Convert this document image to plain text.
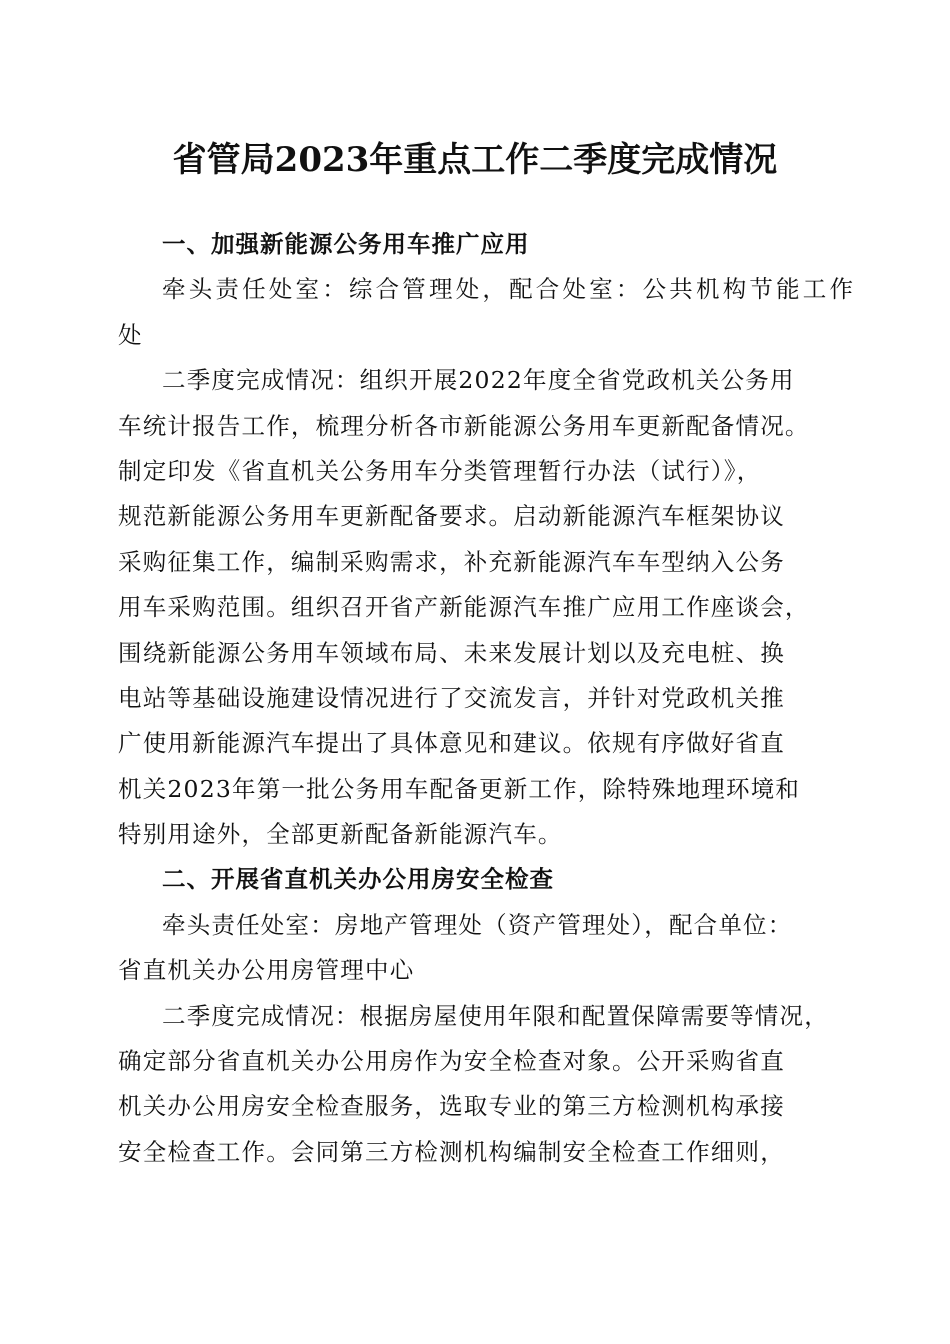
省管局2023年重点工作二季度完成情况
一、加强新能源公务用车推广应用
牵头责任处室：综合管理处，配合处室：公共机构节能工作
处
二季度完成情况：组织开展2022年度全省党政机关公务用
车统计报告工作，梳理分析各市新能源公务用车更新配备情况。
制定印发《省直机关公务用车分类管理暂行办法（试行）》，
规范新能源公务用车更新配备要求。启动新能源汽车框架协议
采购征集工作，编制采购需求，补充新能源汽车车型纳入公务
用车采购范围。组织召开省产新能源汽车推广应用工作座谈会，
围绕新能源公务用车领域布局、未来发展计划以及充电桩、换
电站等基础设施建设情况进行了交流发言，并针对党政机关推
广使用新能源汽车提出了具体意见和建议。依规有序做好省直
机关2023年第一批公务用车配备更新工作，除特殊地理环境和
特别用途外，全部更新配备新能源汽车。
二、开展省直机关办公用房安全检查
牵头责任处室：房地产管理处（资产管理处），配合单位：
省直机关办公用房管理中心
二季度完成情况：根据房屋使用年限和配置保障需要等情况，
确定部分省直机关办公用房作为安全检查对象。公开采购省直
机关办公用房安全检查服务，选取专业的第三方检测机构承接
安全检查工作。会同第三方检测机构编制安全检查工作细则，
